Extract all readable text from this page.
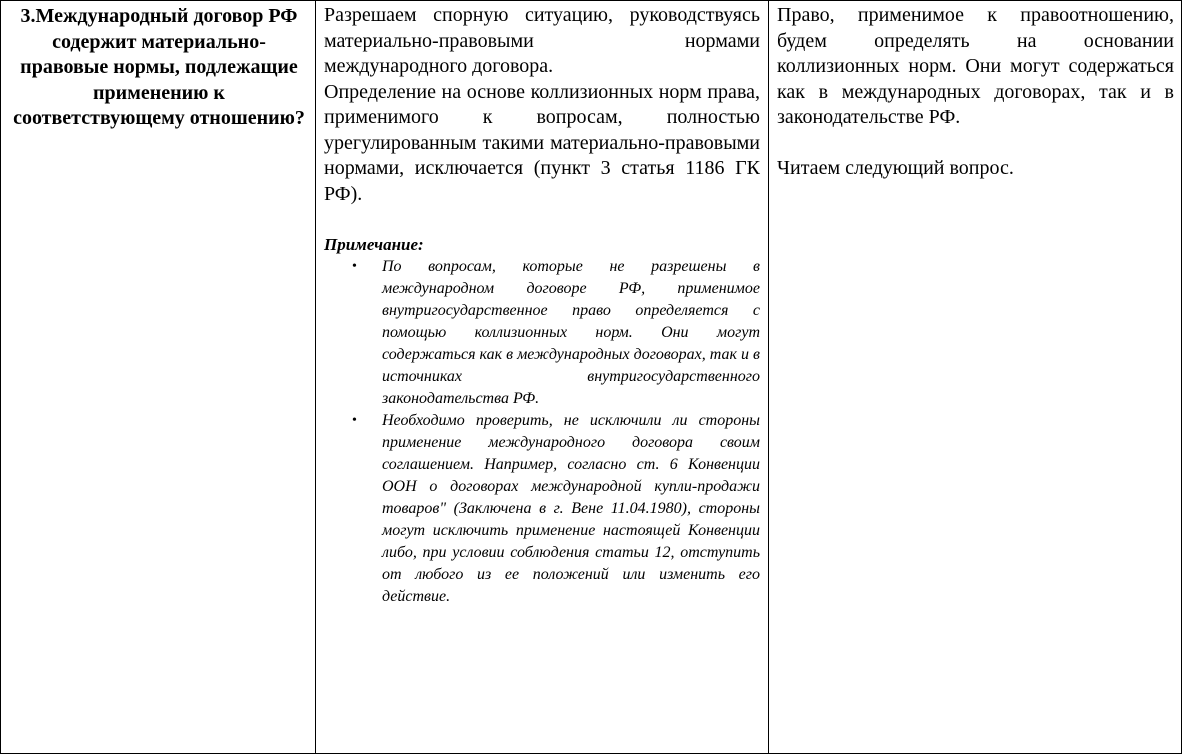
3.Международный договор РФ содержит материально-правовые нормы, подлежащие применению к соответствующему отношению?

Разрешаем спорную ситуацию, руководствуясь материально-правовыми нормами международного договора.

Определение на основе коллизионных норм права, применимого к вопросам, полностью урегулированным такими материально-правовыми нормами, исключается (пункт 3 статья 1186 ГК РФ).

Примечание:
• По вопросам, которые не разрешены в международном договоре РФ, применимое внутригосударственное право определяется с помощью коллизионных норм. Они могут содержаться как в международных договорах, так и в источниках внутригосударственного законодательства РФ.
• Необходимо проверить, не исключили ли стороны применение международного договора своим соглашением. Например, согласно ст. 6 Конвенции ООН о договорах международной купли-продажи товаров" (Заключена в г. Вене 11.04.1980), стороны могут исключить применение настоящей Конвенции либо, при условии соблюдения статьи 12, отступить от любого из ее положений или изменить его действие.

Право, применимое к правоотношению, будем определять на основании коллизионных норм. Они могут содержаться как в международных договорах, так и в законодательстве РФ.

Читаем следующий вопрос.
